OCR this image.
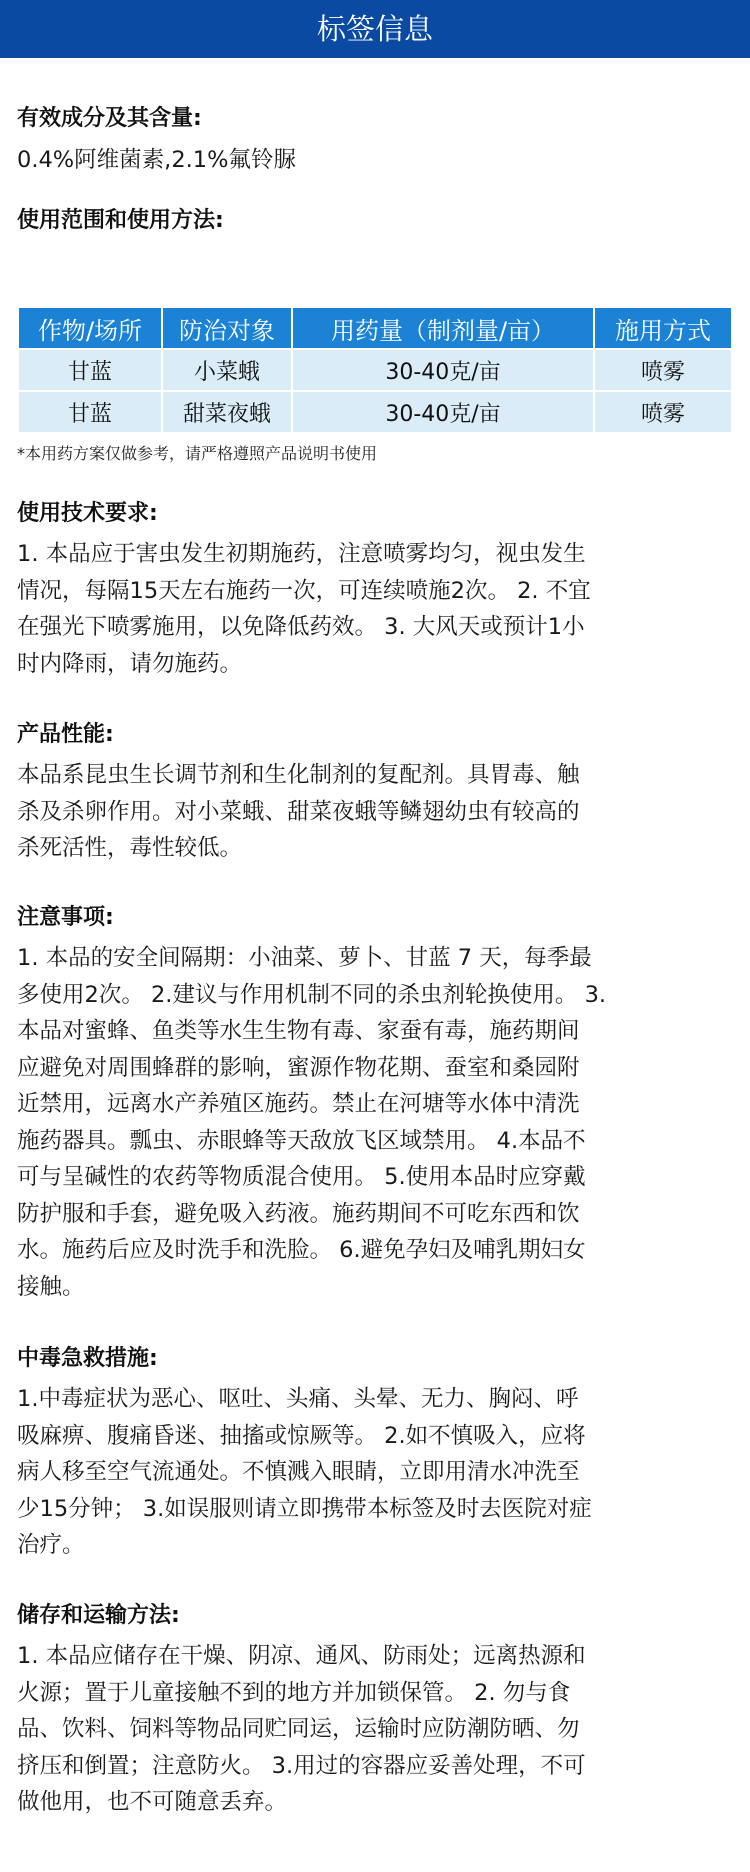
标签信息
有效成分及其含量:
0.4%阿维菌素,2.1%氟铃脲
使用范围和使用方法:
作物/场所	防治对象	用药量（制剂量/亩）	施用方式
甘蓝	小菜蛾	30-40克/亩	喷雾
甘蓝	甜菜夜蛾	30-40克/亩	喷雾
*本用药方案仅做参考，请严格遵照产品说明书使用
使用技术要求:
1. 本品应于害虫发生初期施药，注意喷雾均匀，视虫发生
情况，每隔15天左右施药一次，可连续喷施2次。 2. 不宜
在强光下喷雾施用，以免降低药效。 3. 大风天或预计1小
时内降雨，请勿施药。
产品性能:
本品系昆虫生长调节剂和生化制剂的复配剂。具胃毒、触
杀及杀卵作用。对小菜蛾、甜菜夜蛾等鳞翅幼虫有较高的
杀死活性，毒性较低。
注意事项:
1. 本品的安全间隔期：小油菜、萝卜、甘蓝 7 天，每季最
多使用2次。 2.建议与作用机制不同的杀虫剂轮换使用。 3.
本品对蜜蜂、鱼类等水生生物有毒、家蚕有毒，施药期间
应避免对周围蜂群的影响，蜜源作物花期、蚕室和桑园附
近禁用，远离水产养殖区施药。禁止在河塘等水体中清洗
施药器具。瓢虫、赤眼蜂等天敌放飞区域禁用。 4.本品不
可与呈碱性的农药等物质混合使用。 5.使用本品时应穿戴
防护服和手套，避免吸入药液。施药期间不可吃东西和饮
水。施药后应及时洗手和洗脸。 6.避免孕妇及哺乳期妇女
接触。
中毒急救措施:
1.中毒症状为恶心、呕吐、头痛、头晕、无力、胸闷、呼
吸麻痹、腹痛昏迷、抽搐或惊厥等。 2.如不慎吸入，应将
病人移至空气流通处。不慎溅入眼睛，立即用清水冲洗至
少15分钟； 3.如误服则请立即携带本标签及时去医院对症
治疗。
储存和运输方法:
1. 本品应储存在干燥、阴凉、通风、防雨处；远离热源和
火源；置于儿童接触不到的地方并加锁保管。 2. 勿与食
品、饮料、饲料等物品同贮同运，运输时应防潮防晒、勿
挤压和倒置；注意防火。 3.用过的容器应妥善处理，不可
做他用，也不可随意丢弃。
